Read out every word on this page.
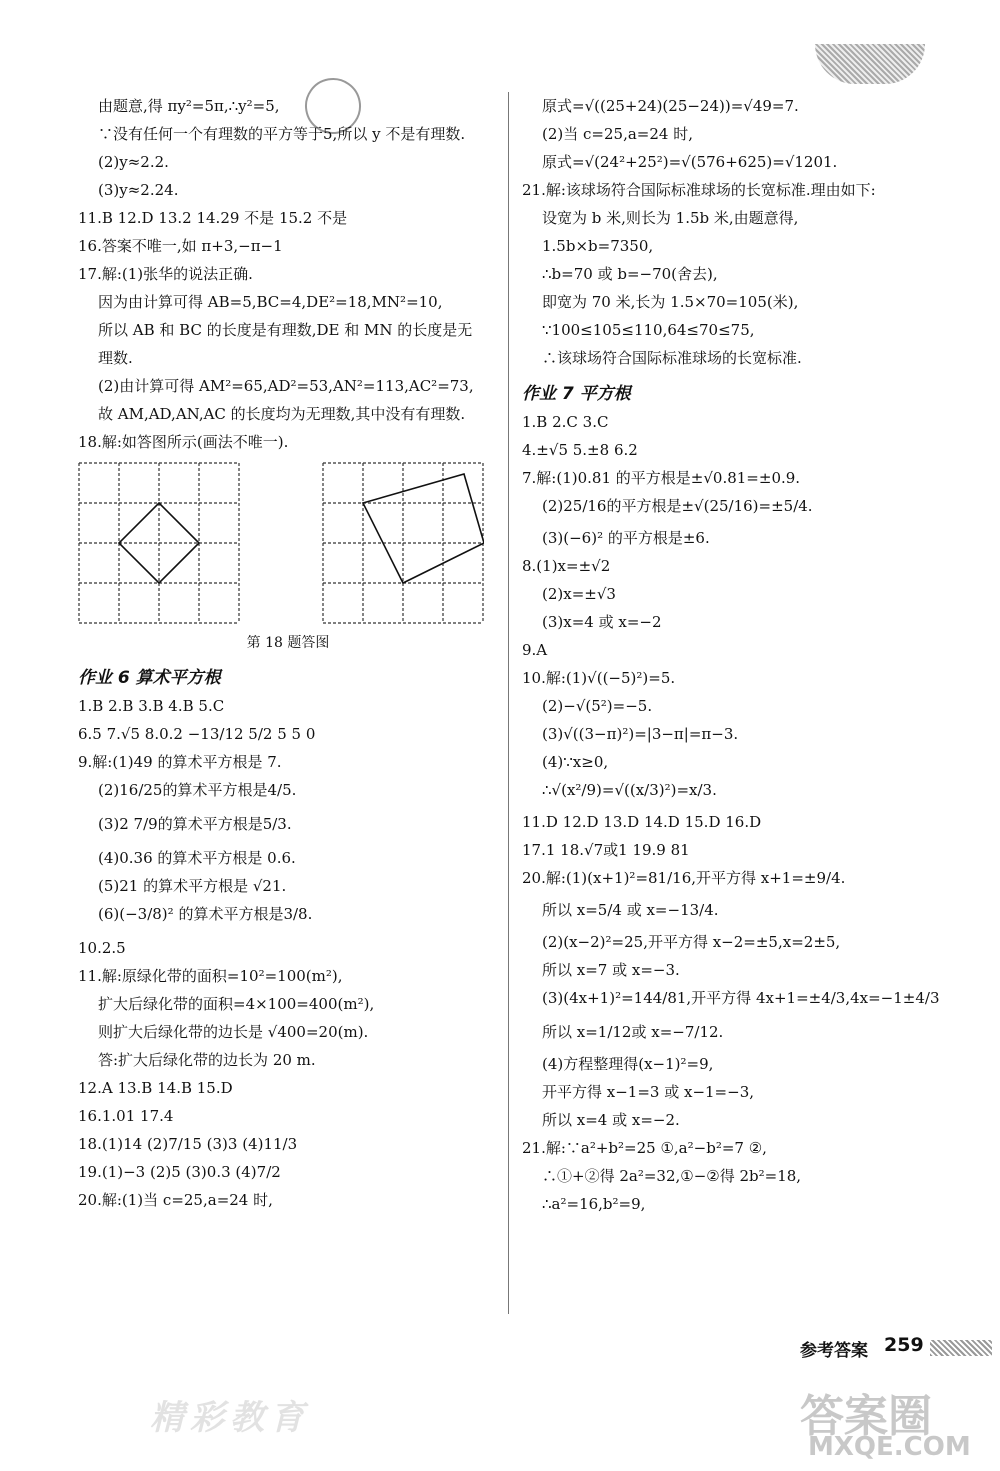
由题意,得 πy²=5π,∴y²=5,

∵没有任何一个有理数的平方等于5,所以 y 不是有理数.

(2)y≈2.2.

(3)y≈2.24.

11.B 12.D 13.2 14.29 不是 15.2 不是

16.答案不唯一,如 π+3,−π−1

17.解:(1)张华的说法正确.

因为由计算可得 AB=5,BC=4,DE²=18,MN²=10,

所以 AB 和 BC 的长度是有理数,DE 和 MN 的长度是无

理数.

(2)由计算可得 AM²=65,AD²=53,AN²=113,AC²=73,

故 AM,AD,AN,AC 的长度均为无理数,其中没有有理数.

18.解:如答图所示(画法不唯一).

第 18 题答图
作业 6 算术平方根

1.B 2.B 3.B 4.B 5.C

6.5 7.√5 8.0.2 −13/12 5/2 5 5 0

9.解:(1)49 的算术平方根是 7.

(2)16/25的算术平方根是4/5.

(3)2 7/9的算术平方根是5/3.

(4)0.36 的算术平方根是 0.6.

(5)21 的算术平方根是 √21.

(6)(−3/8)² 的算术平方根是3/8.

10.2.5

11.解:原绿化带的面积=10²=100(m²),

扩大后绿化带的面积=4×100=400(m²),

则扩大后绿化带的边长是 √400=20(m).

答:扩大后绿化带的边长为 20 m.

12.A 13.B 14.B 15.D

16.1.01 17.4

18.(1)14 (2)7/15 (3)3 (4)11/3

19.(1)−3 (2)5 (3)0.3 (4)7/2

20.解:(1)当 c=25,a=24 时,

原式=√((25+24)(25−24))=√49=7.

(2)当 c=25,a=24 时,

原式=√(24²+25²)=√(576+625)=√1201.

21.解:该球场符合国际标准球场的长宽标准.理由如下:

设宽为 b 米,则长为 1.5b 米,由题意得,

1.5b×b=7350,

∴b=70 或 b=−70(舍去),

即宽为 70 米,长为 1.5×70=105(米),

∵100≤105≤110,64≤70≤75,

∴该球场符合国际标准球场的长宽标准.

作业 7 平方根

1.B 2.C 3.C

4.±√5 5.±8 6.2

7.解:(1)0.81 的平方根是±√0.81=±0.9.

(2)25/16的平方根是±√(25/16)=±5/4.

(3)(−6)² 的平方根是±6.

8.(1)x=±√2

(2)x=±√3

(3)x=4 或 x=−2

9.A

10.解:(1)√((−5)²)=5.

(2)−√(5²)=−5.

(3)√((3−π)²)=|3−π|=π−3.

(4)∵x≥0,

∴√(x²/9)=√((x/3)²)=x/3.

11.D 12.D 13.D 14.D 15.D 16.D

17.1 18.√7或1 19.9 81

20.解:(1)(x+1)²=81/16,开平方得 x+1=±9/4.

所以 x=5/4 或 x=−13/4.

(2)(x−2)²=25,开平方得 x−2=±5,x=2±5,

所以 x=7 或 x=−3.

(3)(4x+1)²=144/81,开平方得 4x+1=±4/3,4x=−1±4/3

所以 x=1/12或 x=−7/12.

(4)方程整理得(x−1)²=9,

开平方得 x−1=3 或 x−1=−3,

所以 x=4 或 x=−2.

21.解:∵a²+b²=25 ①,a²−b²=7 ②,

∴①+②得 2a²=32,①−②得 2b²=18,

∴a²=16,b²=9,

参考答案 259
精彩教育	答案圈
MXQE.COM
